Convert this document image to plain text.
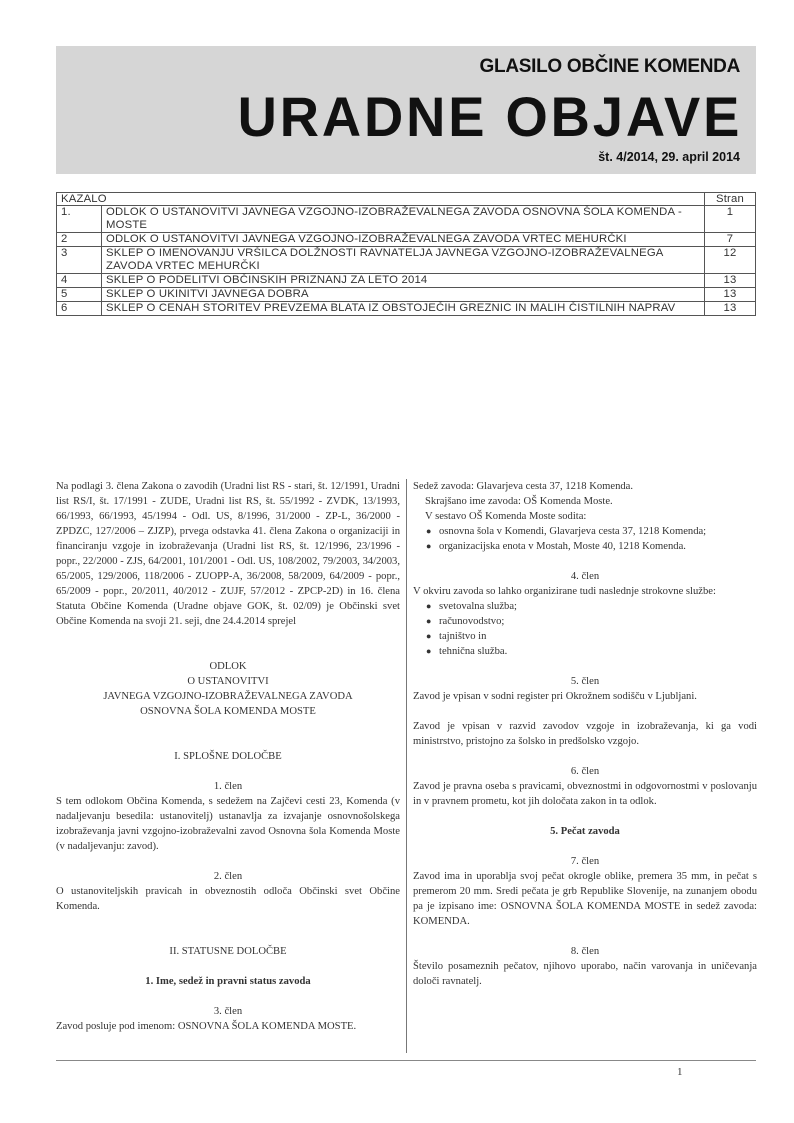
GLASILO OBČINE KOMENDA
URADNE OBJAVE
št. 4/2014, 29. april 2014
KAZALO		Stran
1.	ODLOK O USTANOVITVI JAVNEGA VZGOJNO-IZOBRAŽEVALNEGA ZAVODA OSNOVNA ŠOLA KOMENDA - MOSTE	1
2	ODLOK O USTANOVITVI JAVNEGA VZGOJNO-IZOBRAŽEVALNEGA ZAVODA VRTEC MEHURČKI	7
3	SKLEP O IMENOVANJU VRŠILCA DOLŽNOSTI RAVNATELJA JAVNEGA VZGOJNO-IZOBRAŽEVALNEGA ZAVODA VRTEC MEHURČKI	12
4	SKLEP O PODELITVI OBČINSKIH PRIZNANJ ZA LETO 2014	13
5	SKLEP O UKINITVI JAVNEGA DOBRA	13
6	SKLEP O CENAH STORITEV PREVZEMA BLATA IZ OBSTOJEČIH GREZNIC IN MALIH ČISTILNIH NAPRAV	13

Na podlagi 3. člena Zakona o zavodih (Uradni list RS - stari, št. 12/1991, Uradni list RS/I, št. 17/1991 - ZUDE, Uradni list RS, št. 55/1992 - ZVDK, 13/1993, 66/1993, 66/1993, 45/1994 - Odl. US, 8/1996, 31/2000 - ZP-L, 36/2000 - ZPDZC, 127/2006 – ZJZP), prvega odstavka 41. člena Zakona o organizaciji in financiranju vzgoje in izobraževanja (Uradni list RS, št. 12/1996, 23/1996 - popr., 22/2000 - ZJS, 64/2001, 101/2001 - Odl. US, 108/2002, 79/2003, 34/2003, 65/2005, 129/2006, 118/2006 - ZUOPP-A, 36/2008, 58/2009, 64/2009 - popr., 65/2009 - popr., 20/2011, 40/2012 - ZUJF, 57/2012 - ZPCP-2D) in 16. člena Statuta Občine Komenda (Uradne objave GOK, št. 02/09) je Občinski svet Občine Komenda na svoji 21. seji, dne 24.4.2014 sprejel

ODLOK

O USTANOVITVI

JAVNEGA VZGOJNO-IZOBRAŽEVALNEGA ZAVODA

OSNOVNA ŠOLA KOMENDA MOSTE

I. SPLOŠNE DOLOČBE

1. člen

S tem odlokom Občina Komenda, s sedežem na Zajčevi cesti 23, Komenda (v nadaljevanju besedila: ustanovitelj) ustanavlja za izvajanje osnovnošolskega izobraževanja javni vzgojno-izobraževalni zavod Osnovna šola Komenda Moste (v nadaljevanju: zavod).

2. člen

O ustanoviteljskih pravicah in obveznostih odloča Občinski svet Občine Komenda.

II. STATUSNE DOLOČBE

1. Ime, sedež in pravni status zavoda

3. člen

Zavod posluje pod imenom: OSNOVNA ŠOLA KOMENDA MOSTE.

Sedež zavoda: Glavarjeva cesta 37, 1218 Komenda.

Skrajšano ime zavoda: OŠ Komenda Moste.

V sestavo OŠ Komenda Moste sodita:

● osnovna šola v Komendi, Glavarjeva cesta 37, 1218 Komenda;
● organizacijska enota v Mostah, Moste 40, 1218 Komenda.

4. člen

V okviru zavoda so lahko organizirane tudi naslednje strokovne službe:

● svetovalna služba;
● računovodstvo;
● tajništvo in
● tehnična služba.

5. člen

Zavod je vpisan v sodni register pri Okrožnem sodišču v Ljubljani.

Zavod je vpisan v razvid zavodov vzgoje in izobraževanja, ki ga vodi ministrstvo, pristojno za šolsko in predšolsko vzgojo.

6. člen

Zavod je pravna oseba s pravicami, obveznostmi in odgovornostmi v poslovanju in v pravnem prometu, kot jih določata zakon in ta odlok.

5. Pečat zavoda

7. člen

Zavod ima in uporablja svoj pečat okrogle oblike, premera 35 mm, in pečat s premerom 20 mm. Sredi pečata je grb Republike Slovenije, na zunanjem obodu pa je izpisano ime: OSNOVNA ŠOLA KOMENDA MOSTE in sedež zavoda: KOMENDA.

8. člen

Število posameznih pečatov, njihovo uporabo, način varovanja in uničevanja določi ravnatelj.

1
